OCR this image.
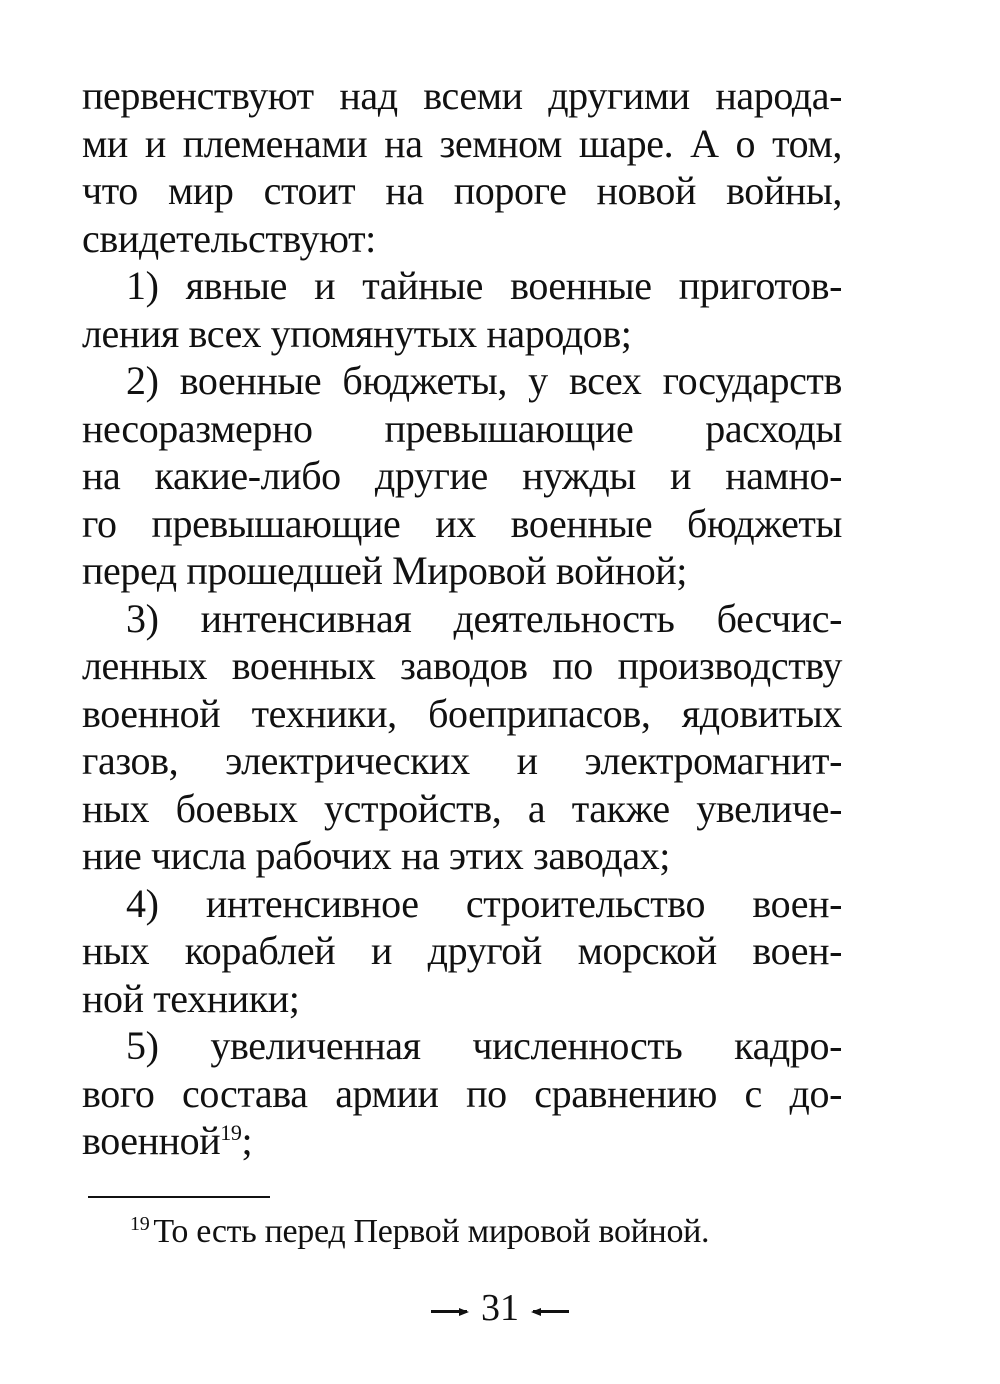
первенствуют над всеми другими народа-
ми и племенами на земном шаре. А о том,
что мир стоит на пороге новой войны,
свидетельствуют:
1) явные и тайные военные приготов-
ления всех упомянутых народов;
2) военные бюджеты, у всех государств
несоразмерно превышающие расходы
на какие-либо другие нужды и намно-
го превышающие их военные бюджеты
перед прошедшей Мировой войной;
3) интенсивная деятельность бесчис-
ленных военных заводов по производству
военной техники, боеприпасов, ядовитых
газов, электрических и электромагнит-
ных боевых устройств, а также увеличе-
ние числа рабочих на этих заводах;
4) интенсивное строительство воен-
ных кораблей и другой морской воен-
ной техники;
5) увеличенная численность кадро-
вого состава армии по сравнению с до-
военной$^{19}$;
$^{19}$ То есть перед Первой мировой войной.
31
